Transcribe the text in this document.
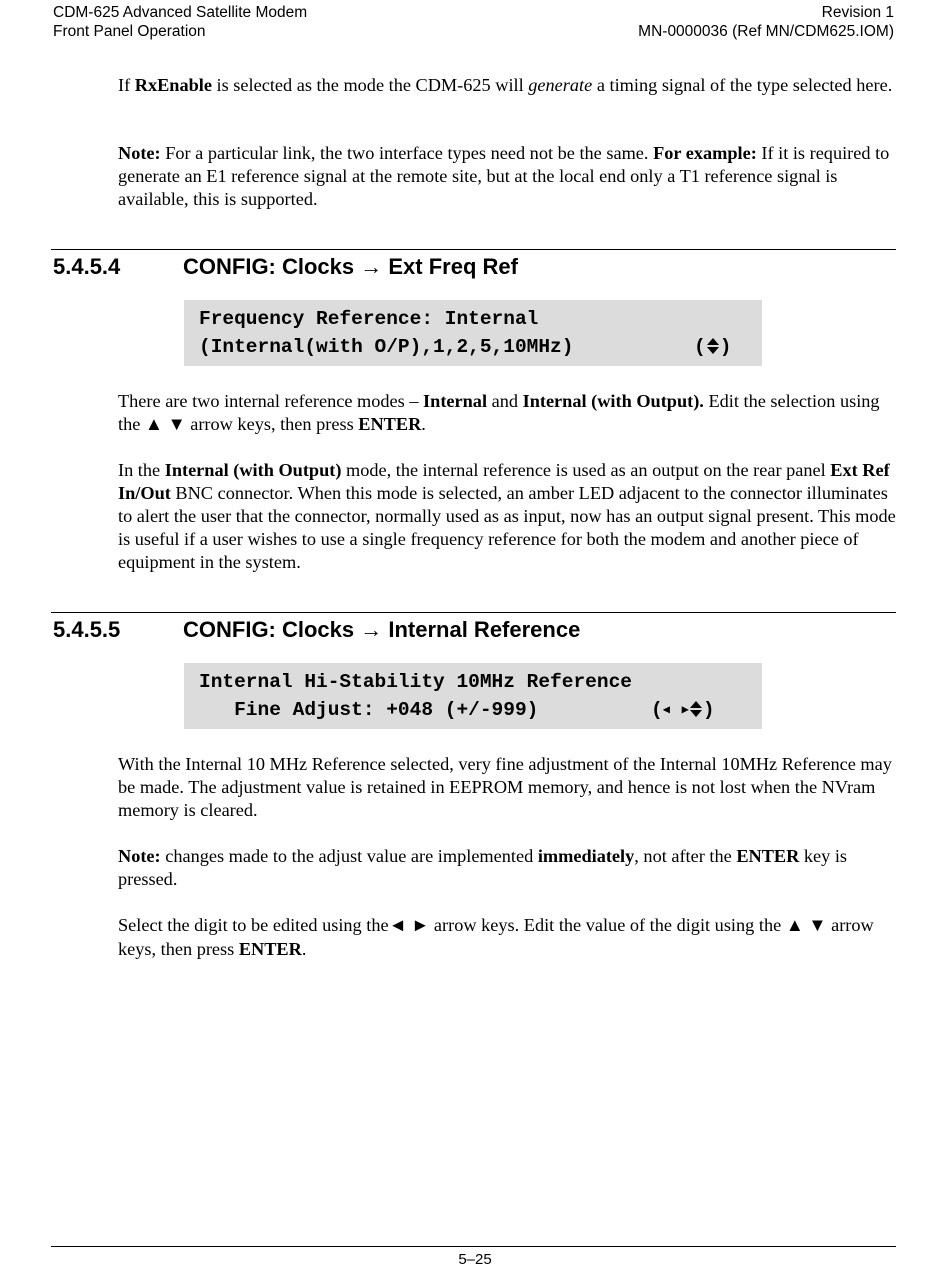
CDM-625 Advanced Satellite Modem
Front Panel Operation
Revision 1
MN-0000036 (Ref MN/CDM625.IOM)

If RxEnable is selected as the mode the CDM-625 will generate a timing signal of the type selected here.

Note: For a particular link, the two interface types need not be the same. For example: If it is required to generate an E1 reference signal at the remote site, but at the local end only a T1 reference signal is available, this is supported.

5.4.5.4	CONFIG: Clocks → Ext Freq Ref
Frequency Reference: Internal
(Internal(with O/P),1,2,5,10MHz)	( )

There are two internal reference modes – Internal and Internal (with Output). Edit the selection using the ▲ ▼ arrow keys, then press ENTER.

In the Internal (with Output) mode, the internal reference is used as an output on the rear panel Ext Ref In/Out BNC connector. When this mode is selected, an amber LED adjacent to the connector illuminates to alert the user that the connector, normally used as as input, now has an output signal present. This mode is useful if a user wishes to use a single frequency reference for both the modem and another piece of equipment in the system.

5.4.5.5	CONFIG: Clocks → Internal Reference
Internal Hi-Stability 10MHz Reference
Fine Adjust: +048 (+/-999)	(◀ ▶ )

With the Internal 10 MHz Reference selected, very fine adjustment of the Internal 10MHz Reference may be made. The adjustment value is retained in EEPROM memory, and hence is not lost when the NVram memory is cleared.

Note: changes made to the adjust value are implemented immediately, not after the ENTER key is pressed.

Select the digit to be edited using the◄ ► arrow keys. Edit the value of the digit using the ▲ ▼ arrow keys, then press ENTER.

5–25
